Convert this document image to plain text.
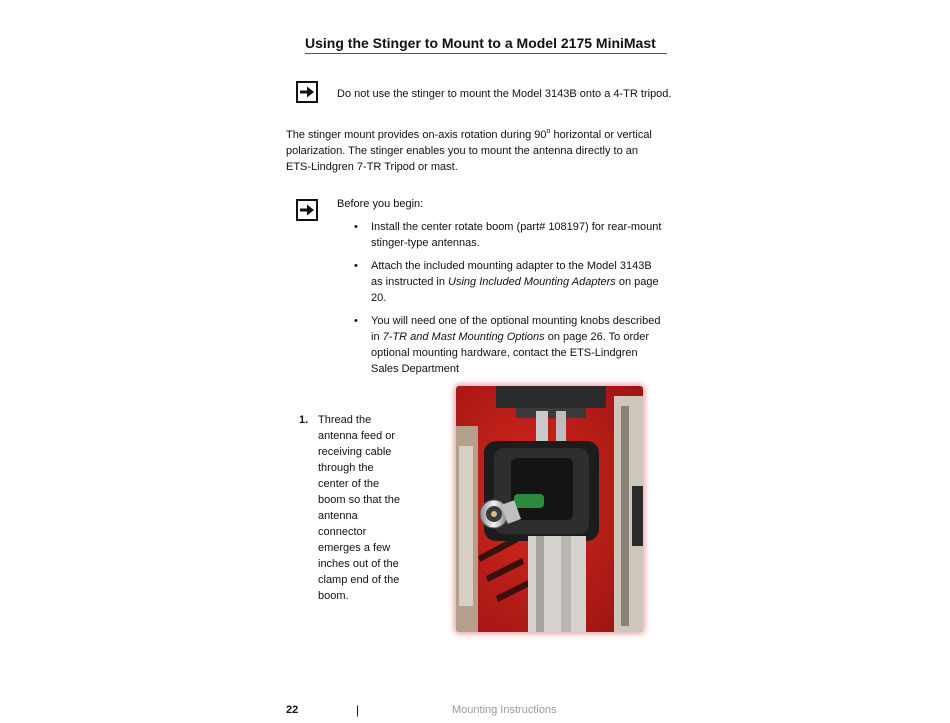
Using the Stinger to Mount to a Model 2175 MiniMast
Do not use the stinger to mount the Model 3143B onto a 4-TR tripod.
The stinger mount provides on-axis rotation during 90$^o$ horizontal or vertical
polarization. The stinger enables you to mount the antenna directly to an
ETS-Lindgren 7-TR Tripod or mast.
Before you begin:
• Install the center rotate boom (part# 108197) for rear-mount stinger-type antennas.
• Attach the included mounting adapter to the Model 3143B as instructed in Using Included Mounting Adapters on page 20.
• You will need one of the optional mounting knobs described in 7-TR and Mast Mounting Options on page 26. To order optional mounting hardware, contact the ETS-Lindgren Sales Department
1. Thread the antenna feed or receiving cable through the center of the boom so that the antenna connector emerges a few inches out of the clamp end of the boom.
22	|	Mounting Instructions
